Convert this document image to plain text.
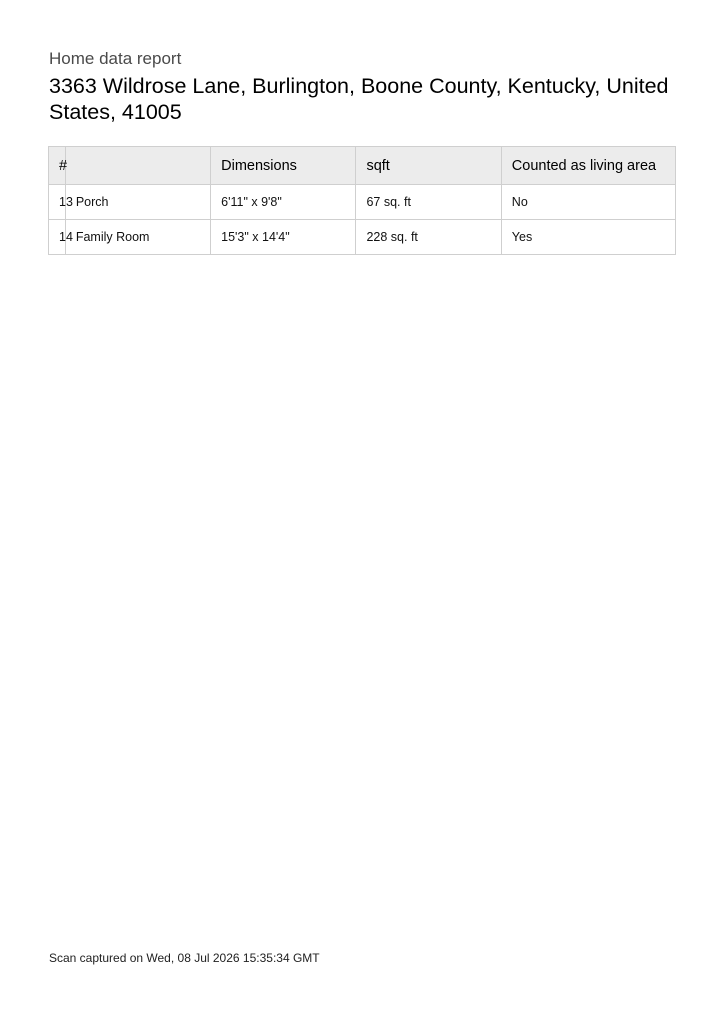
Home data report

3363 Wildrose Lane, Burlington, Boone County, Kentucky, United States, 41005
#		Dimensions	sqft	Counted as living area
13	Porch	6'11" x 9'8"	67 sq. ft	No
14	Family Room	15'3" x 14'4"	228 sq. ft	Yes
Scan captured on Wed, 08 Jul 2026 15:35:34 GMT
